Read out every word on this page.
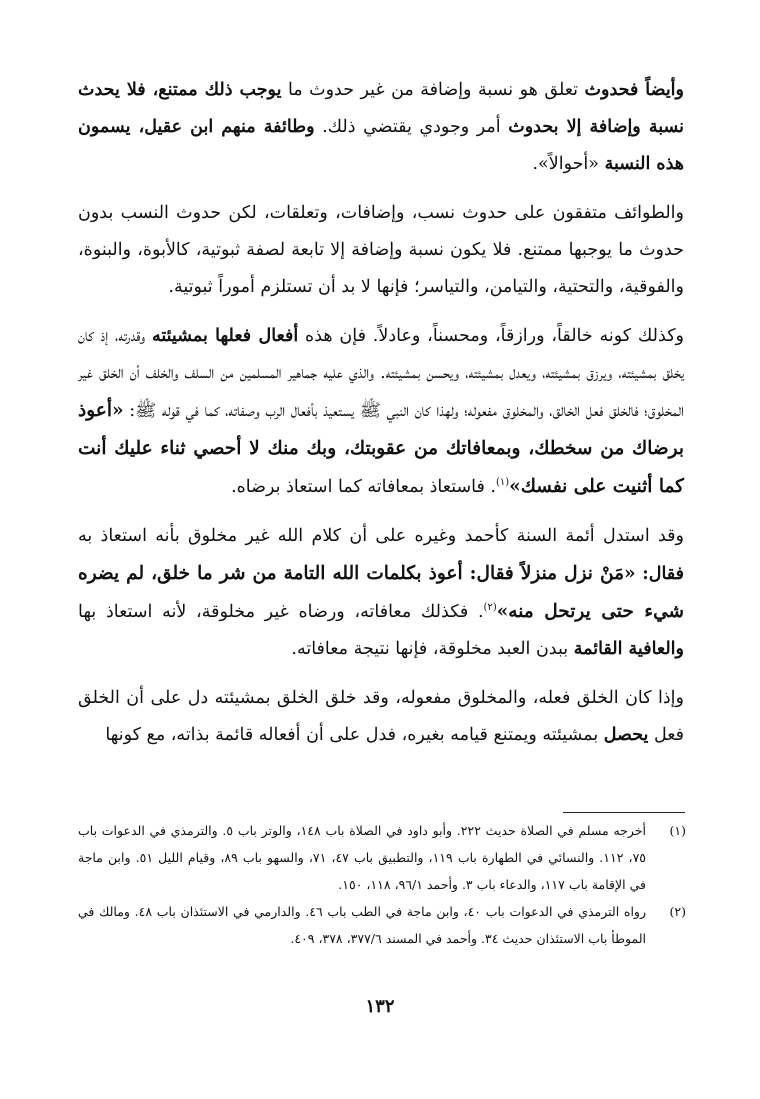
وأيضاً فحدوث تعلق هو نسبة وإضافة من غير حدوث ما يوجب ذلك ممتنع، فلا يحدث نسبة وإضافة إلا بحدوث أمر وجودي يقتضي ذلك. وطائفة منهم ابن عقيل، يسمون هذه النسبة «أحوالاً».

والطوائف متفقون على حدوث نسب، وإضافات، وتعلقات، لكن حدوث النسب بدون حدوث ما يوجبها ممتنع. فلا يكون نسبة وإضافة إلا تابعة لصفة ثبوتية، كالأبوة، والبنوة، والفوقية، والتحتية، والتيامن، والتياسر؛ فإنها لا بد أن تستلزم أموراً ثبوتية.

وكذلك كونه خالقاً، ورازقاً، ومحسناً، وعادلاً. فإن هذه أفعال فعلها بمشيئته وقدرته، إذ كان يخلق بمشيئته، ويرزق بمشيئته، ويعدل بمشيئته، ويحسن بمشيئته. والذي عليه جماهير المسلمين من السلف والخلف أن الخلق غير المخلوق؛ فالخلق فعل الخالق، والمخلوق مفعوله؛ ولهذا كان النبي ﷺ يستعيذ بأفعال الرب وصفاته، كما في قوله ﷺ: «أعوذ برضاك من سخطك، وبمعافاتك من عقوبتك، وبك منك لا أحصي ثناء عليك أنت كما أثنيت على نفسك»$^{(١)}$. فاستعاذ بمعافاته كما استعاذ برضاه.

وقد استدل أئمة السنة كأحمد وغيره على أن كلام الله غير مخلوق بأنه استعاذ به فقال: «مَنْ نزل منزلاً فقال: أعوذ بكلمات الله التامة من شر ما خلق، لم يضره شيء حتى يرتحل منه»$^{(٢)}$. فكذلك معافاته، ورضاه غير مخلوقة، لأنه استعاذ بها والعافية القائمة ببدن العبد مخلوقة، فإنها نتيجة معافاته.

وإذا كان الخلق فعله، والمخلوق مفعوله، وقد خلق الخلق بمشيئته دل على أن الخلق فعل يحصل بمشيئته ويمتنع قيامه بغيره، فدل على أن أفعاله قائمة بذاته، مع كونها

(١)
أخرجه مسلم في الصلاة حديث ٢٢٢. وأبو داود في الصلاة باب ١٤٨، والوتر باب ٥. والترمذي في الدعوات باب ٧٥، ١١٢. والنسائي في الطهارة باب ١١٩، والتطبيق باب ٤٧، ٧١، والسهو باب ٨٩، وقيام الليل ٥١. وابن ماجة في الإقامة باب ١١٧، والدعاء باب ٣. وأحمد ٩٦/١، ١١٨، ١٥٠.

(٢)
رواه الترمذي في الدعوات باب ٤٠، وابن ماجة في الطب باب ٤٦. والدارمي في الاستئذان باب ٤٨. ومالك في الموطأ باب الاستئذان حديث ٣٤. وأحمد في المسند ٣٧٧/٦، ٣٧٨، ٤٠٩.

١٣٢
